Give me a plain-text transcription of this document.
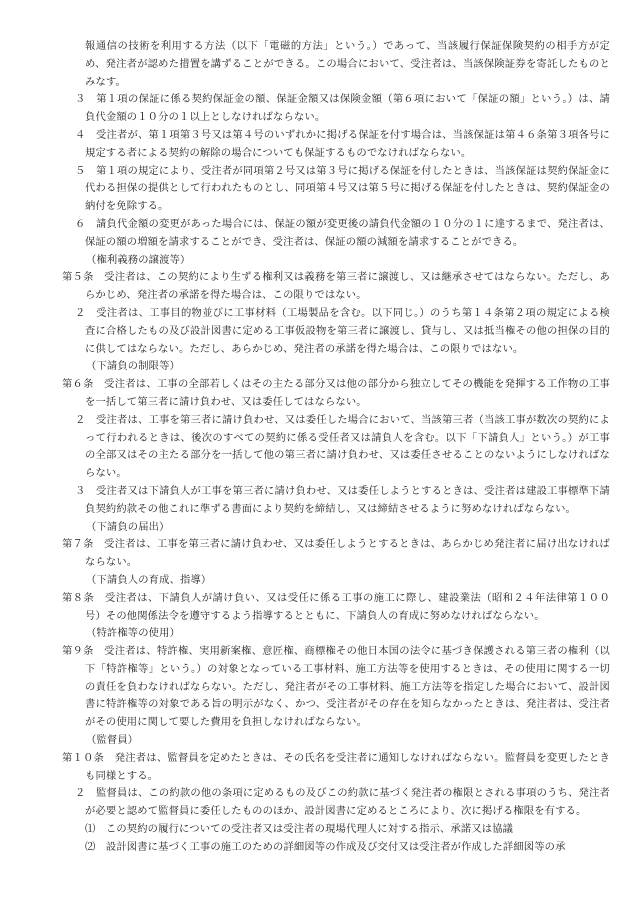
報通信の技術を利用する方法（以下「電磁的方法」という。）であって、当該履行保証保険契約の相手方が定め、発注者が認めた措置を講ずることができる。この場合において、受注者は、当該保険証券を寄託したものとみなす。

３　第１項の保証に係る契約保証金の額、保証金額又は保険金額（第６項において「保証の額」という。）は、請負代金額の１０分の１以上としなければならない。

４　受注者が、第１項第３号又は第４号のいずれかに掲げる保証を付す場合は、当該保証は第４６条第３項各号に規定する者による契約の解除の場合についても保証するものでなければならない。

５　第１項の規定により、受注者が同項第２号又は第３号に掲げる保証を付したときは、当該保証は契約保証金に代わる担保の提供として行われたものとし、同項第４号又は第５号に掲げる保証を付したときは、契約保証金の納付を免除する。

６　請負代金額の変更があった場合には、保証の額が変更後の請負代金額の１０分の１に達するまで、発注者は、保証の額の増額を請求することができ、受注者は、保証の額の減額を請求することができる。

（権利義務の譲渡等）

第５条　受注者は、この契約により生ずる権利又は義務を第三者に譲渡し、又は継承させてはならない。ただし、あらかじめ、発注者の承諾を得た場合は、この限りではない。

２　受注者は、工事目的物並びに工事材料（工場製品を含む。以下同じ。）のうち第１４条第２項の規定による検査に合格したもの及び設計図書に定める工事仮設物を第三者に譲渡し、貸与し、又は抵当権その他の担保の目的に供してはならない。ただし、あらかじめ、発注者の承諾を得た場合は、この限りではない。

（下請負の制限等）

第６条　受注者は、工事の全部若しくはその主たる部分又は他の部分から独立してその機能を発揮する工作物の工事を一括して第三者に請け負わせ、又は委任してはならない。

２　受注者は、工事を第三者に請け負わせ、又は委任した場合において、当該第三者（当該工事が数次の契約によって行われるときは、後次のすべての契約に係る受任者又は請負人を含む。以下「下請負人」という。）が工事の全部又はその主たる部分を一括して他の第三者に請け負わせ、又は委任させることのないようにしなければならない。

３　受注者又は下請負人が工事を第三者に請け負わせ、又は委任しようとするときは、受注者は建設工事標準下請負契約約款その他これに準ずる書面により契約を締結し、又は締結させるように努めなければならない。

（下請負の届出）

第７条　受注者は、工事を第三者に請け負わせ、又は委任しようとするときは、あらかじめ発注者に届け出なければならない。

（下請負人の育成、指導）

第８条　受注者は、下請負人が請け負い、又は受任に係る工事の施工に際し、建設業法（昭和２４年法律第１００号）その他関係法令を遵守するよう指導するとともに、下請負人の育成に努めなければならない。

（特許権等の使用）

第９条　受注者は、特許権、実用新案権、意匠権、商標権その他日本国の法令に基づき保護される第三者の権利（以下「特許権等」という。）の対象となっている工事材料、施工方法等を使用するときは、その使用に関する一切の責任を負わなければならない。ただし、発注者がその工事材料、施工方法等を指定した場合において、設計図書に特許権等の対象である旨の明示がなく、かつ、受注者がその存在を知らなかったときは、発注者は、受注者がその使用に関して要した費用を負担しなければならない。

（監督員）

第１０条　発注者は、監督員を定めたときは、その氏名を受注者に通知しなければならない。監督員を変更したときも同様とする。

２　監督員は、この約款の他の条項に定めるもの及びこの約款に基づく発注者の権限とされる事項のうち、発注者が必要と認めて監督員に委任したもののほか、設計図書に定めるところにより、次に掲げる権限を有する。

⑴　この契約の履行についての受注者又は受注者の現場代理人に対する指示、承諾又は協議

⑵　設計図書に基づく工事の施工のための詳細図等の作成及び交付又は受注者が作成した詳細図等の承
